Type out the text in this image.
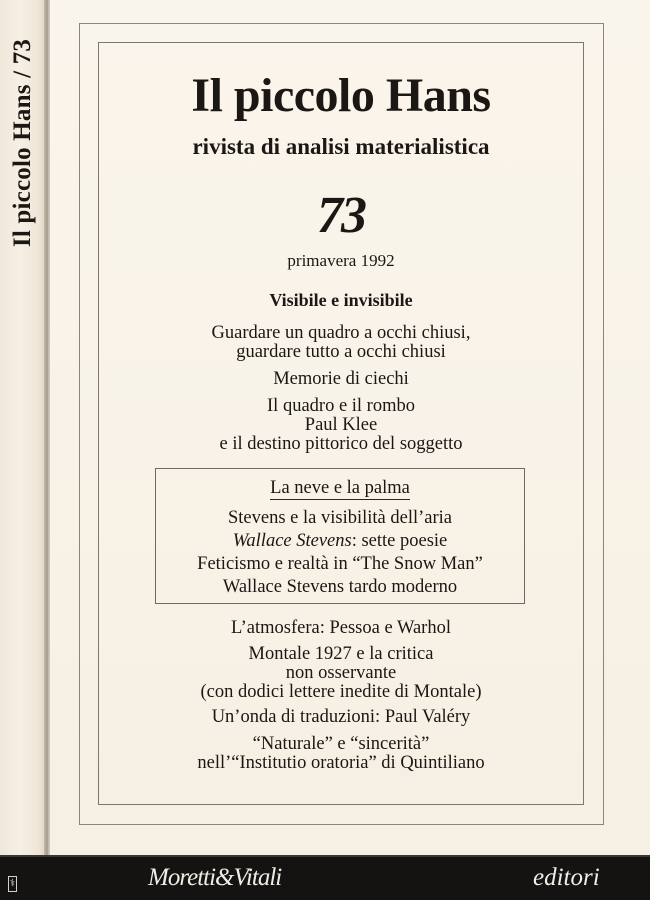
Il piccolo Hans / 73	Il piccolo Hans
rivista di analisi materialistica
73
primavera 1992
Visibile e invisibile
Guardare un quadro a occhi chiusi,
guardare tutto a occhi chiusi
Memorie di ciechi
Il quadro e il rombo
Paul Klee
e il destino pittorico del soggetto
La neve e la palma
Stevens e la visibilità dell’aria
Wallace Stevens: sette poesie
Feticismo e realtà in “The Snow Man”
Wallace Stevens tardo moderno
L’atmosfera: Pessoa e Warhol
Montale 1927 e la critica
non osservante
(con dodici lettere inedite di Montale)
Un’onda di traduzioni: Paul Valéry
“Naturale” e “sincerità”
nell’“Institutio oratoria” di Quintiliano
⚕	Moretti&Vitali	editori
